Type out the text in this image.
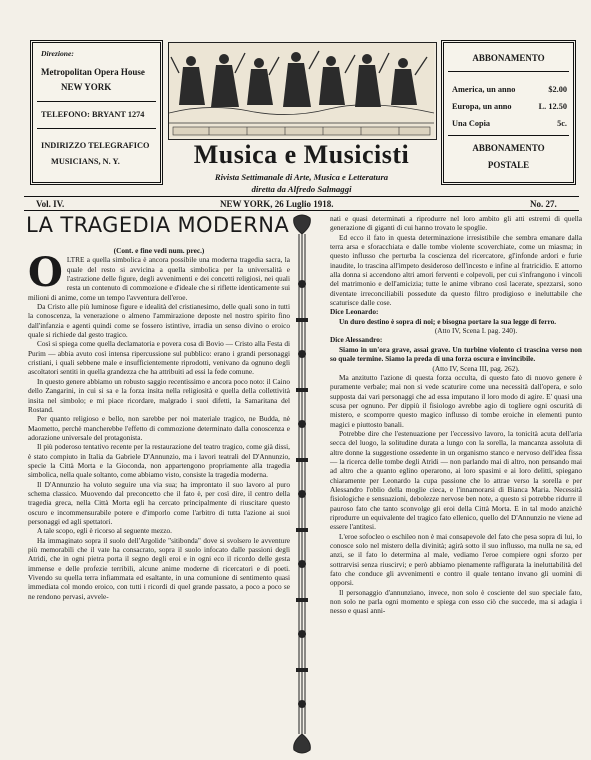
Direzione:
Metropolitan Opera House
NEW YORK
TELEFONO: BRYANT 1274
INDIRIZZO TELEGRAFICO
MUSICIANS, N. Y.	Musica e Musicisti
Rivista Settimanale di Arte, Musica e Letteratura
diretta da Alfredo Salmaggi
ABBONAMENTO
America, un anno	$2.00
Europa, un anno	L. 12.50
Una Copia	5c.
ABBONAMENTO
POSTALE
Vol. IV.	NEW YORK, 26 Luglio 1918.	No. 27.
LA TRAGEDIA MODERNA

(Cont. e fine vedi num. prec.)

OLTRE a quella simbolica è ancora possibile una moderna tragedia sacra, la quale del resto si avvicina a quella simbolica per la universalità e l'astrazione delle figure, degli avvenimenti e dei concetti religiosi, nei quali resta un contenuto di commozione e d'ideale che si riflette identicamente sui milioni di anime, come un tempo l'avventura dell'eroe.

Da Cristo alle più luminose figure e idealità del cristianesimo, delle quali sono in tutti la conoscenza, la venerazione o almeno l'ammirazione deposte nel nostro spirito fino dall'infanzia e agenti quindi come se fossero istintive, irradia un senso divino o eroico quale si richiede dal gesto tragico.

Così si spiega come quella declamatoria e povera cosa di Bovio — Cristo alla Festa di Purim — abbia avuto così intensa ripercussione sul pubblico: erano i grandi personaggi cristiani, i quali sebbene male e insufficientemente riprodotti, venivano da ognuno degli ascoltatori sentiti in quella grandezza che ha attribuiti ad essi la fede comune.

In questo genere abbiamo un robusto saggio recentissimo e ancora poco noto: il Caino dello Zangarini, in cui si sa e la forza insita nella religiosità e quella della collettività insita nel simbolo; e mi piace ricordare, malgrado i suoi difetti, la Samaritana del Rostand.

Per quanto religioso e bello, non sarebbe per noi materiale tragico, ne Budda, nè Maometto, perchè mancherebbe l'effetto di commozione determinato dalla conoscenza e adorazione universale del protagonista.

Il più poderoso tentativo recente per la restaurazione del teatro tragico, come già dissi, è stato compiuto in Italia da Gabriele D'Annunzio, ma i lavori teatrali del D'Annunzio, specie la Città Morta e la Gioconda, non appartengono propriamente alla tragedia simbolica, nella quale soltanto, come abbiamo visto, consiste la tragedia moderna.

Il D'Annunzio ha voluto seguire una via sua; ha improntato il suo lavoro al puro schema classico. Muovendo dal preconcetto che il fato è, per così dire, il centro della tragedia greca, nella Città Morta egli ha cercato principalmente di riuscitare questo oscuro e incommensurabile potere e d'imporlo come l'arbitro di tutta l'azione ai suoi personaggi ed agli spettatori.

A tale scopo, egli è ricorso al seguente mezzo.

Ha immaginato sopra il suolo dell'Argolide "sitibonda" dove si svolsero le avventure più memorabili che il vate ha consacrato, sopra il suolo infocato dalle passioni degli Atridi, che in ogni pietra porta il segno degli eroi e in ogni eco il ricordo delle gesta immense e delle profezie terribili, alcune anime moderne di ricercatori e di poeti. Vivendo su quella terra infiammata ed esaltante, in una comunione di sentimento quasi immediata col mondo eroico, con tutti i ricordi di quel grande passato, a poco a poco se ne rendono pervasi, avvele-

nati e quasi determinati a riprodurre nel loro ambito gli atti estremi di quella generazione di giganti di cui hanno trovato le spoglie.

Ed ecco il fato in questa determinazione irresistibile che sembra emanare dalla terra arsa e sforacchiata e dalle tombe violente scoverchiate, come un miasma; in questo influsso che perturba la coscienza del ricercatore, gl'infonde ardori e furie inaudite, lo trascina all'impeto desideroso dell'incesto e infine al fratricidio. E attorno alla donna si accendono altri amori ferventi e colpevoli, per cui s'infrangono i vincoli del matrimonio e dell'amicizia; tutte le anime vibrano così lacerate, spezzarsi, sono diventate irreconciliabili possedute da questo filtro prodigioso e ineluttabile che scaturisce dalle cose.

Dice Leonardo:

Un duro destino è sopra di noi; e bisogna portare la sua legge di ferro.

(Atto IV, Scena I. pag. 240).

Dice Alessandro:

Siamo in un'ora grave, assai grave. Un turbine violento ci trascina verso non so quale termine. Siamo la preda di una forza oscura e invincibile.

(Atto IV, Scena III, pag. 262).

Ma anzitutto l'azione di questa forza occulta, di questo fato di nuovo genere è puramente verbale; mai non si vede scaturire come una necessità dall'opera, e solo supposta dai vari personaggi che ad essa imputano il loro modo di agire. E' quasi una scusa per ognuno. Per dippiù il fisiologo avrebbe agio di togliere ogni oscurità di mistero, e scomporre questo magico influsso di tombe eroiche in elementi punto magici e piuttosto banali.

Potrebbe dire che l'estenuazione per l'eccessivo lavoro, la tonicità acuta dell'aria secca del luogo, la solitudine durata a lungo con la sorella, la mancanza assoluta di altre donne la suggestione ossedente in un organismo stanco e nervoso dell'idea fissa — la ricerca delle tombe degli Atridi — non parlando mai di altro, non pensando mai ad altro che a quanto eglino operarono, ai loro spasimi e ai loro delitti, spiegano chiaramente per Leonardo la cupa passione che lo attrae verso la sorella e per Alessandro l'oblio della moglie cieca, e l'innamorarsi di Bianca Maria. Necessità fisiologiche e sensuazioni, debolezze nervose ben note, a questo si potrebbe ridurre il pauroso fato che tanto sconvolge gli eroi della Città Morta. E in tal modo anzichè riprodurre un equivalente del tragico fato ellenico, quello del D'Annunzio ne viene ad essere l'antitesi.

L'eroe sofocleo o eschileo non è mai consapevole del fato che pesa sopra di lui, lo conosce solo nel mistero della divinità; agirà sotto il suo influsso, ma nulla ne sa, ed anzi, se il fato lo determina al male, vediamo l'eroe compiere ogni sforzo per sottrarvisi senza riuscirvi; e però abbiamo pienamente raffigurata la ineluttabilità del fato che conduce gli avvenimenti e contro il quale tentano invano gli uomini di opporsi.

Il personaggio d'annunziano, invece, non solo è cosciente del suo speciale fato, non solo ne parla ogni momento e spiega con esso ciò che succede, ma si adagia i nesso e quasi anni-
